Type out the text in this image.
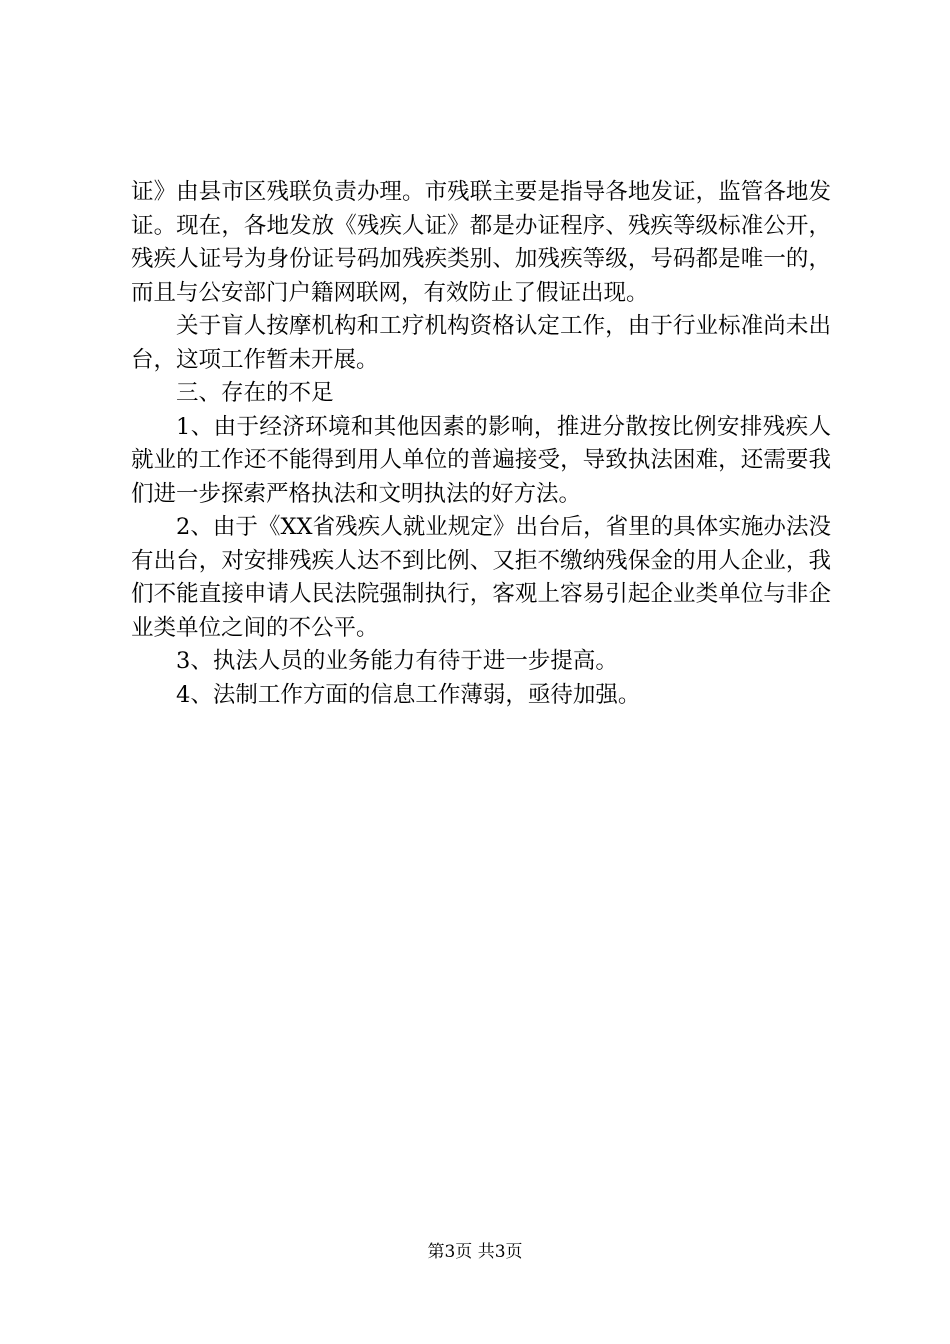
证》由县市区残联负责办理。市残联主要是指导各地发证，监管各地发证。现在，各地发放《残疾人证》都是办证程序、残疾等级标准公开，残疾人证号为身份证号码加残疾类别、加残疾等级，号码都是唯一的，而且与公安部门户籍网联网，有效防止了假证出现。

关于盲人按摩机构和工疗机构资格认定工作，由于行业标准尚未出台，这项工作暂未开展。

三、存在的不足

1、由于经济环境和其他因素的影响，推进分散按比例安排残疾人就业的工作还不能得到用人单位的普遍接受，导致执法困难，还需要我们进一步探索严格执法和文明执法的好方法。

2、由于《XX省残疾人就业规定》出台后，省里的具体实施办法没有出台，对安排残疾人达不到比例、又拒不缴纳残保金的用人企业，我们不能直接申请人民法院强制执行，客观上容易引起企业类单位与非企业类单位之间的不公平。

3、执法人员的业务能力有待于进一步提高。

4、法制工作方面的信息工作薄弱，亟待加强。

第3页 共3页
